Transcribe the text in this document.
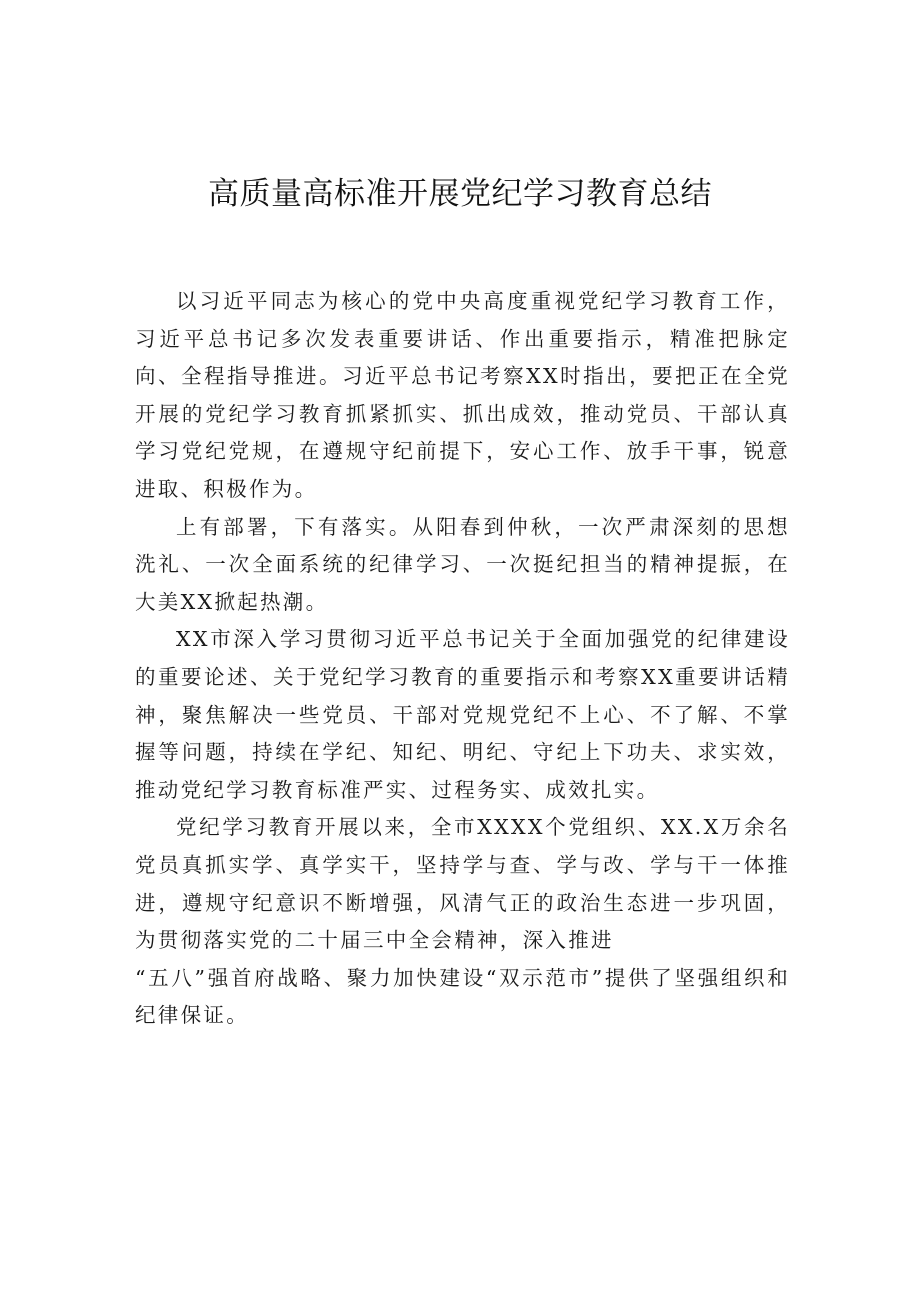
高质量高标准开展党纪学习教育总结

以习近平同志为核心的党中央高度重视党纪学习教育工作，习近平总书记多次发表重要讲话、作出重要指示，精准把脉定向、全程指导推进。习近平总书记考察XX时指出，要把正在全党开展的党纪学习教育抓紧抓实、抓出成效，推动党员、干部认真学习党纪党规，在遵规守纪前提下，安心工作、放手干事，锐意进取、积极作为。

上有部署，下有落实。从阳春到仲秋，一次严肃深刻的思想洗礼、一次全面系统的纪律学习、一次挺纪担当的精神提振，在大美XX掀起热潮。

XX市深入学习贯彻习近平总书记关于全面加强党的纪律建设的重要论述、关于党纪学习教育的重要指示和考察XX重要讲话精神，聚焦解决一些党员、干部对党规党纪不上心、不了解、不掌握等问题，持续在学纪、知纪、明纪、守纪上下功夫、求实效，推动党纪学习教育标准严实、过程务实、成效扎实。

党纪学习教育开展以来，全市XXXX个党组织、XX.X万余名党员真抓实学、真学实干，坚持学与查、学与改、学与干一体推进，遵规守纪意识不断增强，风清气正的政治生态进一步巩固，为贯彻落实党的二十届三中全会精神，深入推进

“五八”强首府战略、聚力加快建设“双示范市”提供了坚强组织和纪律保证。
